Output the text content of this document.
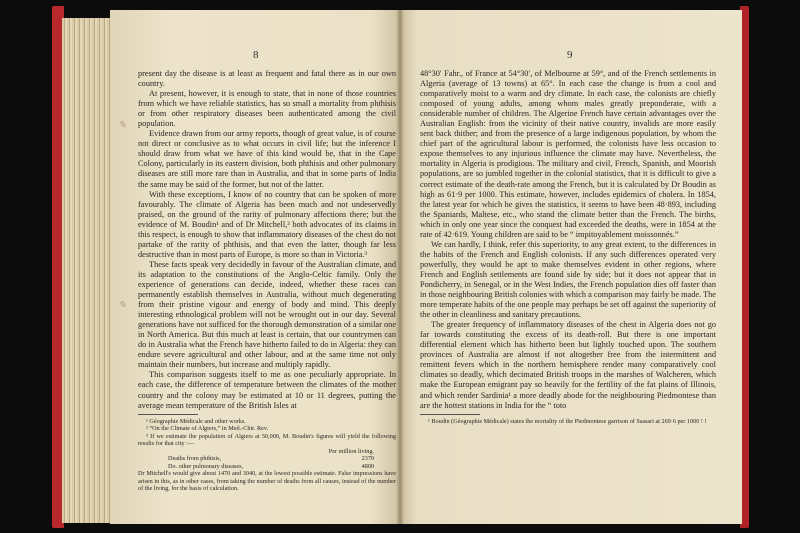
8	9
✎
✎

present day the disease is at least as frequent and fatal there as in our own country.

At present, however, it is enough to state, that in none of those countries from which we have reliable statistics, has so small a mortality from phthisis or from other respiratory diseases been authenticated among the civil population.

Evidence drawn from our army reports, though of great value, is of course not direct or conclusive as to what occurs in civil life; but the inference I should draw from what we have of this kind would be, that in the Cape Colony, particularly in its eastern division, both phthisis and other pulmonary diseases are still more rare than in Australia, and that in some parts of India the same may be said of the former, but not of the latter.

With these exceptions, I know of no country that can be spoken of more favourably. The climate of Algeria has been much and not undeservedly praised, on the ground of the rarity of pulmonary affections there; but the evidence of M. Boudin¹ and of Dr Mitchell,² both advocates of its claims in this respect, is enough to show that inflammatory diseases of the chest do not partake of the rarity of phthisis, and that even the latter, though far less destructive than in most parts of Europe, is more so than in Victoria.³

These facts speak very decidedly in favour of the Australian climate, and its adaptation to the constitutions of the Anglo-Celtic family. Only the experience of generations can decide, indeed, whether these races can permanently establish themselves in Australia, without much degenerating from their pristine vigour and energy of body and mind. This deeply interesting ethnological problem will not be wrought out in our day. Several generations have not sufficed for the thorough demonstration of a similar one in North America. But this much at least is certain, that our countrymen can do in Australia what the French have hitherto failed to do in Algeria: they can endure severe agricultural and other labour, and at the same time not only maintain their numbers, but increase and multiply rapidly.

This comparison suggests itself to me as one peculiarly appropriate. In each case, the difference of temperature between the climates of the mother country and the colony may be estimated at 10 or 11 degrees, putting the average mean temperature of the British Isles at

¹ Géographie Médicale and other works.

² “On the Climate of Algiers,” in Med.-Chir. Rev.

³ If we estimate the population of Algiers at 50,000, M. Boudin's figures will yield the following results for that city :—

Per million living.
Deaths from phthisis,	2370
Do. other pulmonary diseases,	4800

Dr Mitchell's would give about 1470 and 3040, at the lowest possible estimate. False impressions have arisen in this, as in other cases, from taking the number of deaths from all causes, instead of the number of the living, for the basis of calculation.

48°30′ Fahr., of France at 54°30′, of Melbourne at 59°, and of the French settlements in Algeria (average of 13 towns) at 65°. In each case the change is from a cool and comparatively moist to a warm and dry climate. In each case, the colonists are chiefly composed of young adults, among whom males greatly preponderate, with a considerable number of children. The Algerine French have certain advantages over the Australian English: from the vicinity of their native country, invalids are more easily sent back thither; and from the presence of a large indigenous population, by whom the chief part of the agricultural labour is performed, the colonists have less occasion to expose themselves to any injurious influence the climate may have. Nevertheless, the mortality in Algeria is prodigious. The military and civil, French, Spanish, and Moorish populations, are so jumbled together in the colonial statistics, that it is difficult to give a correct estimate of the death-rate among the French, but it is calculated by Dr Boudin as high as 61·9 per 1000. This estimate, however, includes epidemics of cholera. In 1854, the latest year for which he gives the statistics, it seems to have been 48·893, including the Spaniards, Maltese, etc., who stand the climate better than the French. The births, which in only one year since the conquest had exceeded the deaths, were in 1854 at the rate of 42·619. Young children are said to be “ impitoyablement moissonnés.”

We can hardly, I think, refer this superiority, to any great extent, to the differences in the habits of the French and English colonists. If any such differences operated very powerfully, they would be apt to make themselves evident in other regions, where French and English settlements are found side by side; but it does not appear that in Pondicherry, in Senegal, or in the West Indies, the French population dies off faster than in those neighbouring British colonies with which a comparison may fairly be made. The more temperate habits of the one people may perhaps be set off against the superiority of the other in cleanliness and sanitary precautions.

The greater frequency of inflammatory diseases of the chest in Algeria does not go far towards constituting the excess of its death-roll. But there is one important differential element which has hitherto been but lightly touched upon. The southern provinces of Australia are almost if not altogether free from the intermittent and remittent fevers which in the northern hemisphere render many comparatively cool climates so deadly, which decimated British troops in the marshes of Walcheren, which make the European emigrant pay so heavily for the fertility of the fat plains of Illinois, and which render Sardinia¹ a more deadly abode for the neighbouring Piedmontese than are the hottest stations in India for the “ toto

¹ Boudin (Géographie Médicale) states the mortality of the Piedmontese garrison of Sassari at 269·6 per 1000 ! !
